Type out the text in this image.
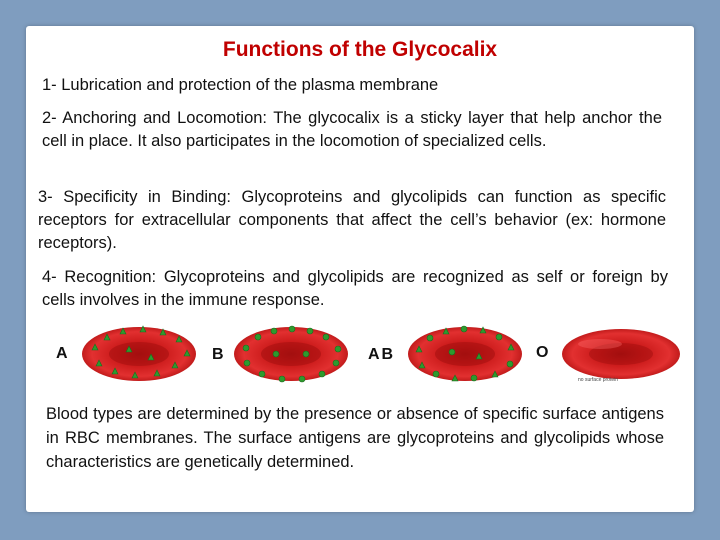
Functions of the Glycocalix
1- Lubrication and protection of the plasma membrane
2- Anchoring and Locomotion: The glycocalix is a sticky layer that help anchor the cell in place. It also participates in the locomotion of specialized cells.
3- Specificity in Binding: Glycoproteins and glycolipids can function as specific receptors for extracellular components that affect the cell’s behavior (ex: hormone receptors).
4- Recognition: Glycoproteins and glycolipids are recognized as self or foreign by cells involves in the immune response.
A	B	AB	O
no surface protein
Blood types are determined by the presence or absence of specific surface antigens in RBC membranes. The surface antigens are glycoproteins and glycolipids whose characteristics are genetically determined.
